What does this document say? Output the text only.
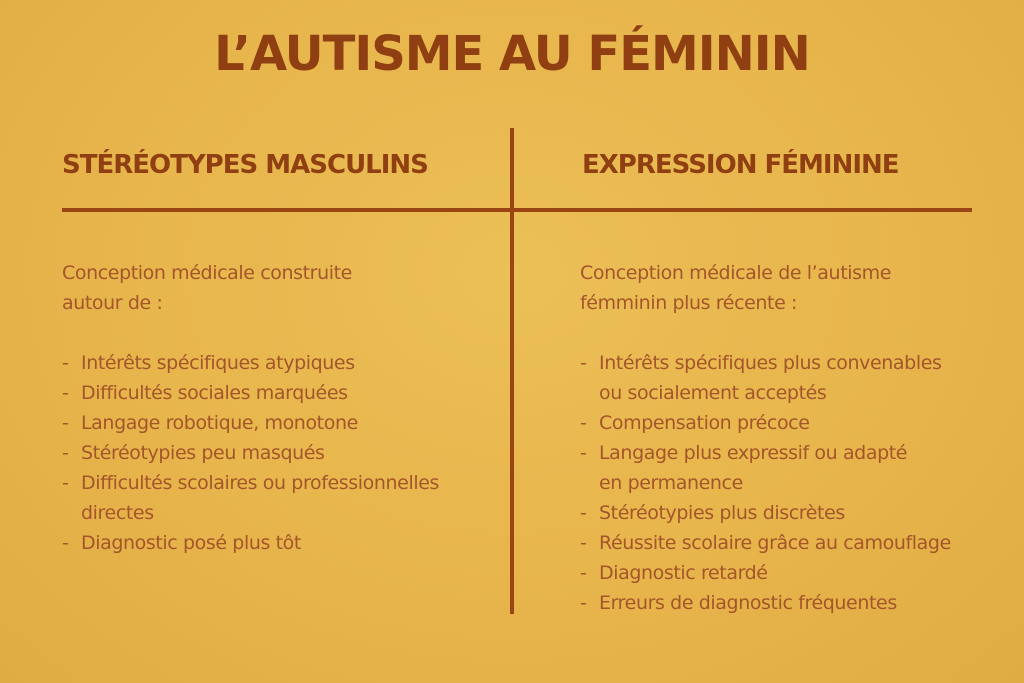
L’AUTISME AU FÉMININ
STÉRÉOTYPES MASCULINS	EXPRESSION FÉMININE

Conception médicale construite
autour de :

- Intérêts spécifiques atypiques
- Difficultés sociales marquées
- Langage robotique, monotone
- Stéréotypies peu masqués
- Difficultés scolaires ou professionnelles
directes
- Diagnostic posé plus tôt

Conception médicale de l’autisme
fémminin plus récente :

- Intérêts spécifiques plus convenables
ou socialement acceptés
- Compensation précoce
- Langage plus expressif ou adapté
en permanence
- Stéréotypies plus discrètes
- Réussite scolaire grâce au camouflage
- Diagnostic retardé
- Erreurs de diagnostic fréquentes
